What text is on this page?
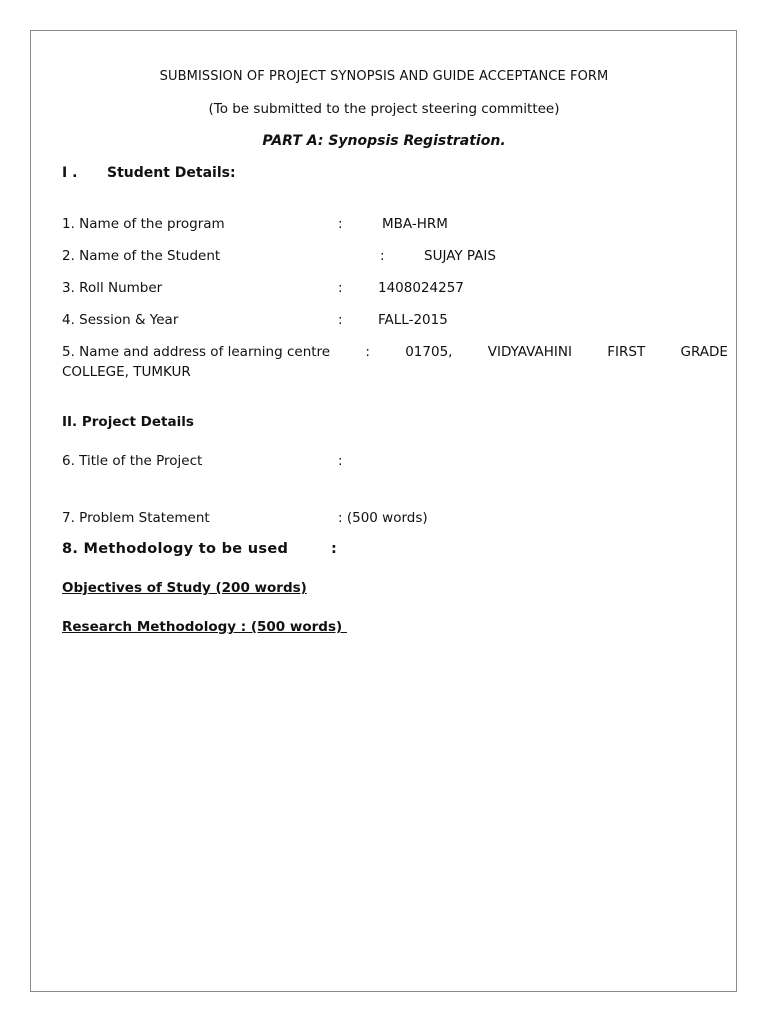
SUBMISSION OF PROJECT SYNOPSIS AND GUIDE ACCEPTANCE FORM
(To be submitted to the project steering committee)
PART A: Synopsis Registration.
I . Student Details:
1. Name of the program	:	MBA-HRM
2. Name of the Student	:	SUJAY PAIS
3. Roll Number	:	1408024257
4. Session & Year	:	FALL-2015
5. Name and address of learning centre	:	01705,	VIDYAVAHINI	FIRST	GRADE
COLLEGE, TUMKUR
II. Project Details
6. Title of the Project	:
7. Problem Statement	: (500 words)
8. Methodology to be used	:
Objectives of Study (200 words)
Research Methodology : (500 words)
